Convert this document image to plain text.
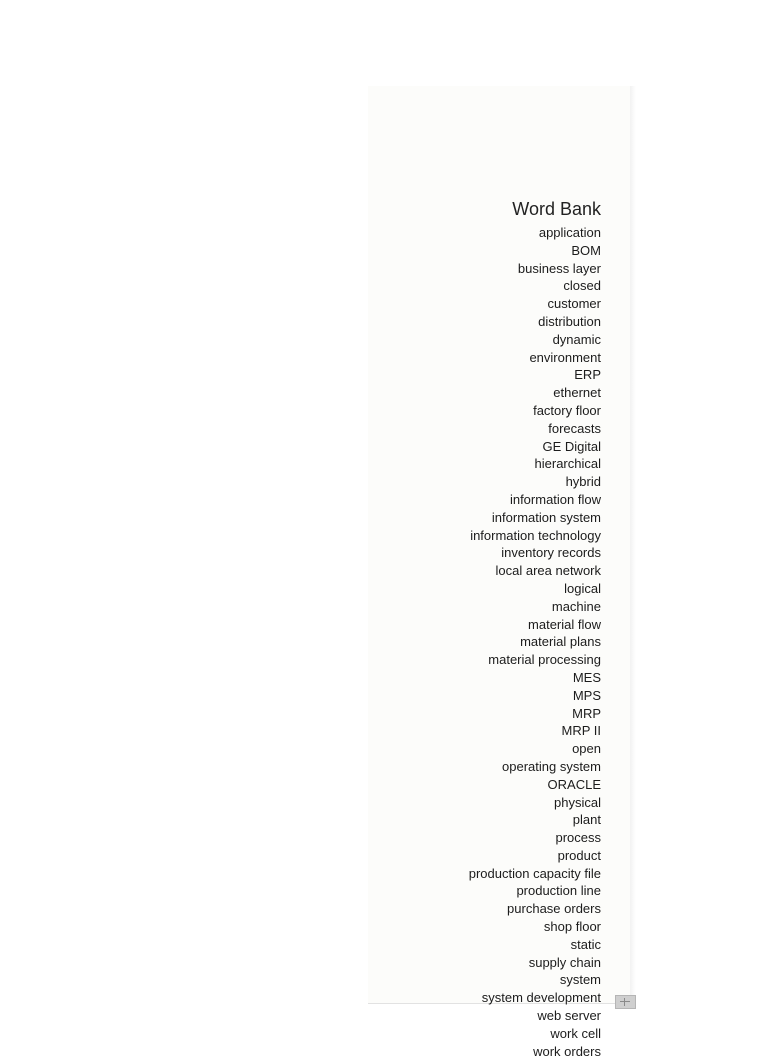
Word Bank
application
BOM
business layer
closed
customer
distribution
dynamic
environment
ERP
ethernet
factory floor
forecasts
GE Digital
hierarchical
hybrid
information flow
information system
information technology
inventory records
local area network
logical
machine
material flow
material plans
material processing
MES
MPS
MRP
MRP II
open
operating system
ORACLE
physical
plant
process
product
production capacity file
production line
purchase orders
shop floor
static
supply chain
system
system development
web server
work cell
work orders
